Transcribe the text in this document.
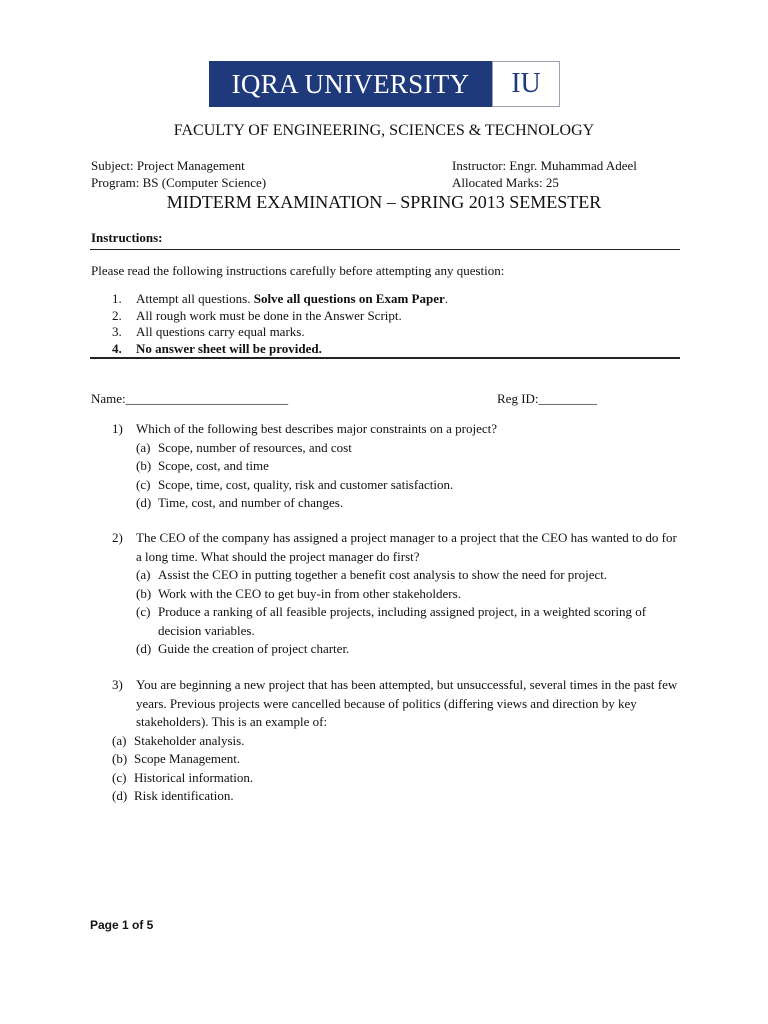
IQRA UNIVERSITY	IU
FACULTY OF ENGINEERING, SCIENCES & TECHNOLOGY
Subject: Project Management
Program: BS (Computer Science)
Instructor: Engr. Muhammad Adeel
Allocated Marks: 25
MIDTERM EXAMINATION – SPRING 2013 SEMESTER
Instructions:
Please read the following instructions carefully before attempting any question:
1.	Attempt all questions. Solve all questions on Exam Paper.
2.	All rough work must be done in the Answer Script.
3.	All questions carry equal marks.
4.	No answer sheet will be provided.
Name:_________________________	Reg ID:_________
1)	Which of the following best describes major constraints on a project?
(a) Scope, number of resources, and cost
(b) Scope, cost, and time
(c) Scope, time, cost, quality, risk and customer satisfaction.
(d) Time, cost, and number of changes.
2)	The CEO of the company has assigned a project manager to a project that the CEO has wanted to do for a long time. What should the project manager do first?
(a) Assist the CEO in putting together a benefit cost analysis to show the need for project.
(b) Work with the CEO to get buy-in from other stakeholders.
(c) Produce a ranking of all feasible projects, including assigned project, in a weighted scoring of decision variables.
(d) Guide the creation of project charter.
3)	You are beginning a new project that has been attempted, but unsuccessful, several times in the past few years. Previous projects were cancelled because of politics (differing views and direction by key stakeholders). This is an example of:
(a) Stakeholder analysis.
(b) Scope Management.
(c) Historical information.
(d) Risk identification.
Page 1 of 5
